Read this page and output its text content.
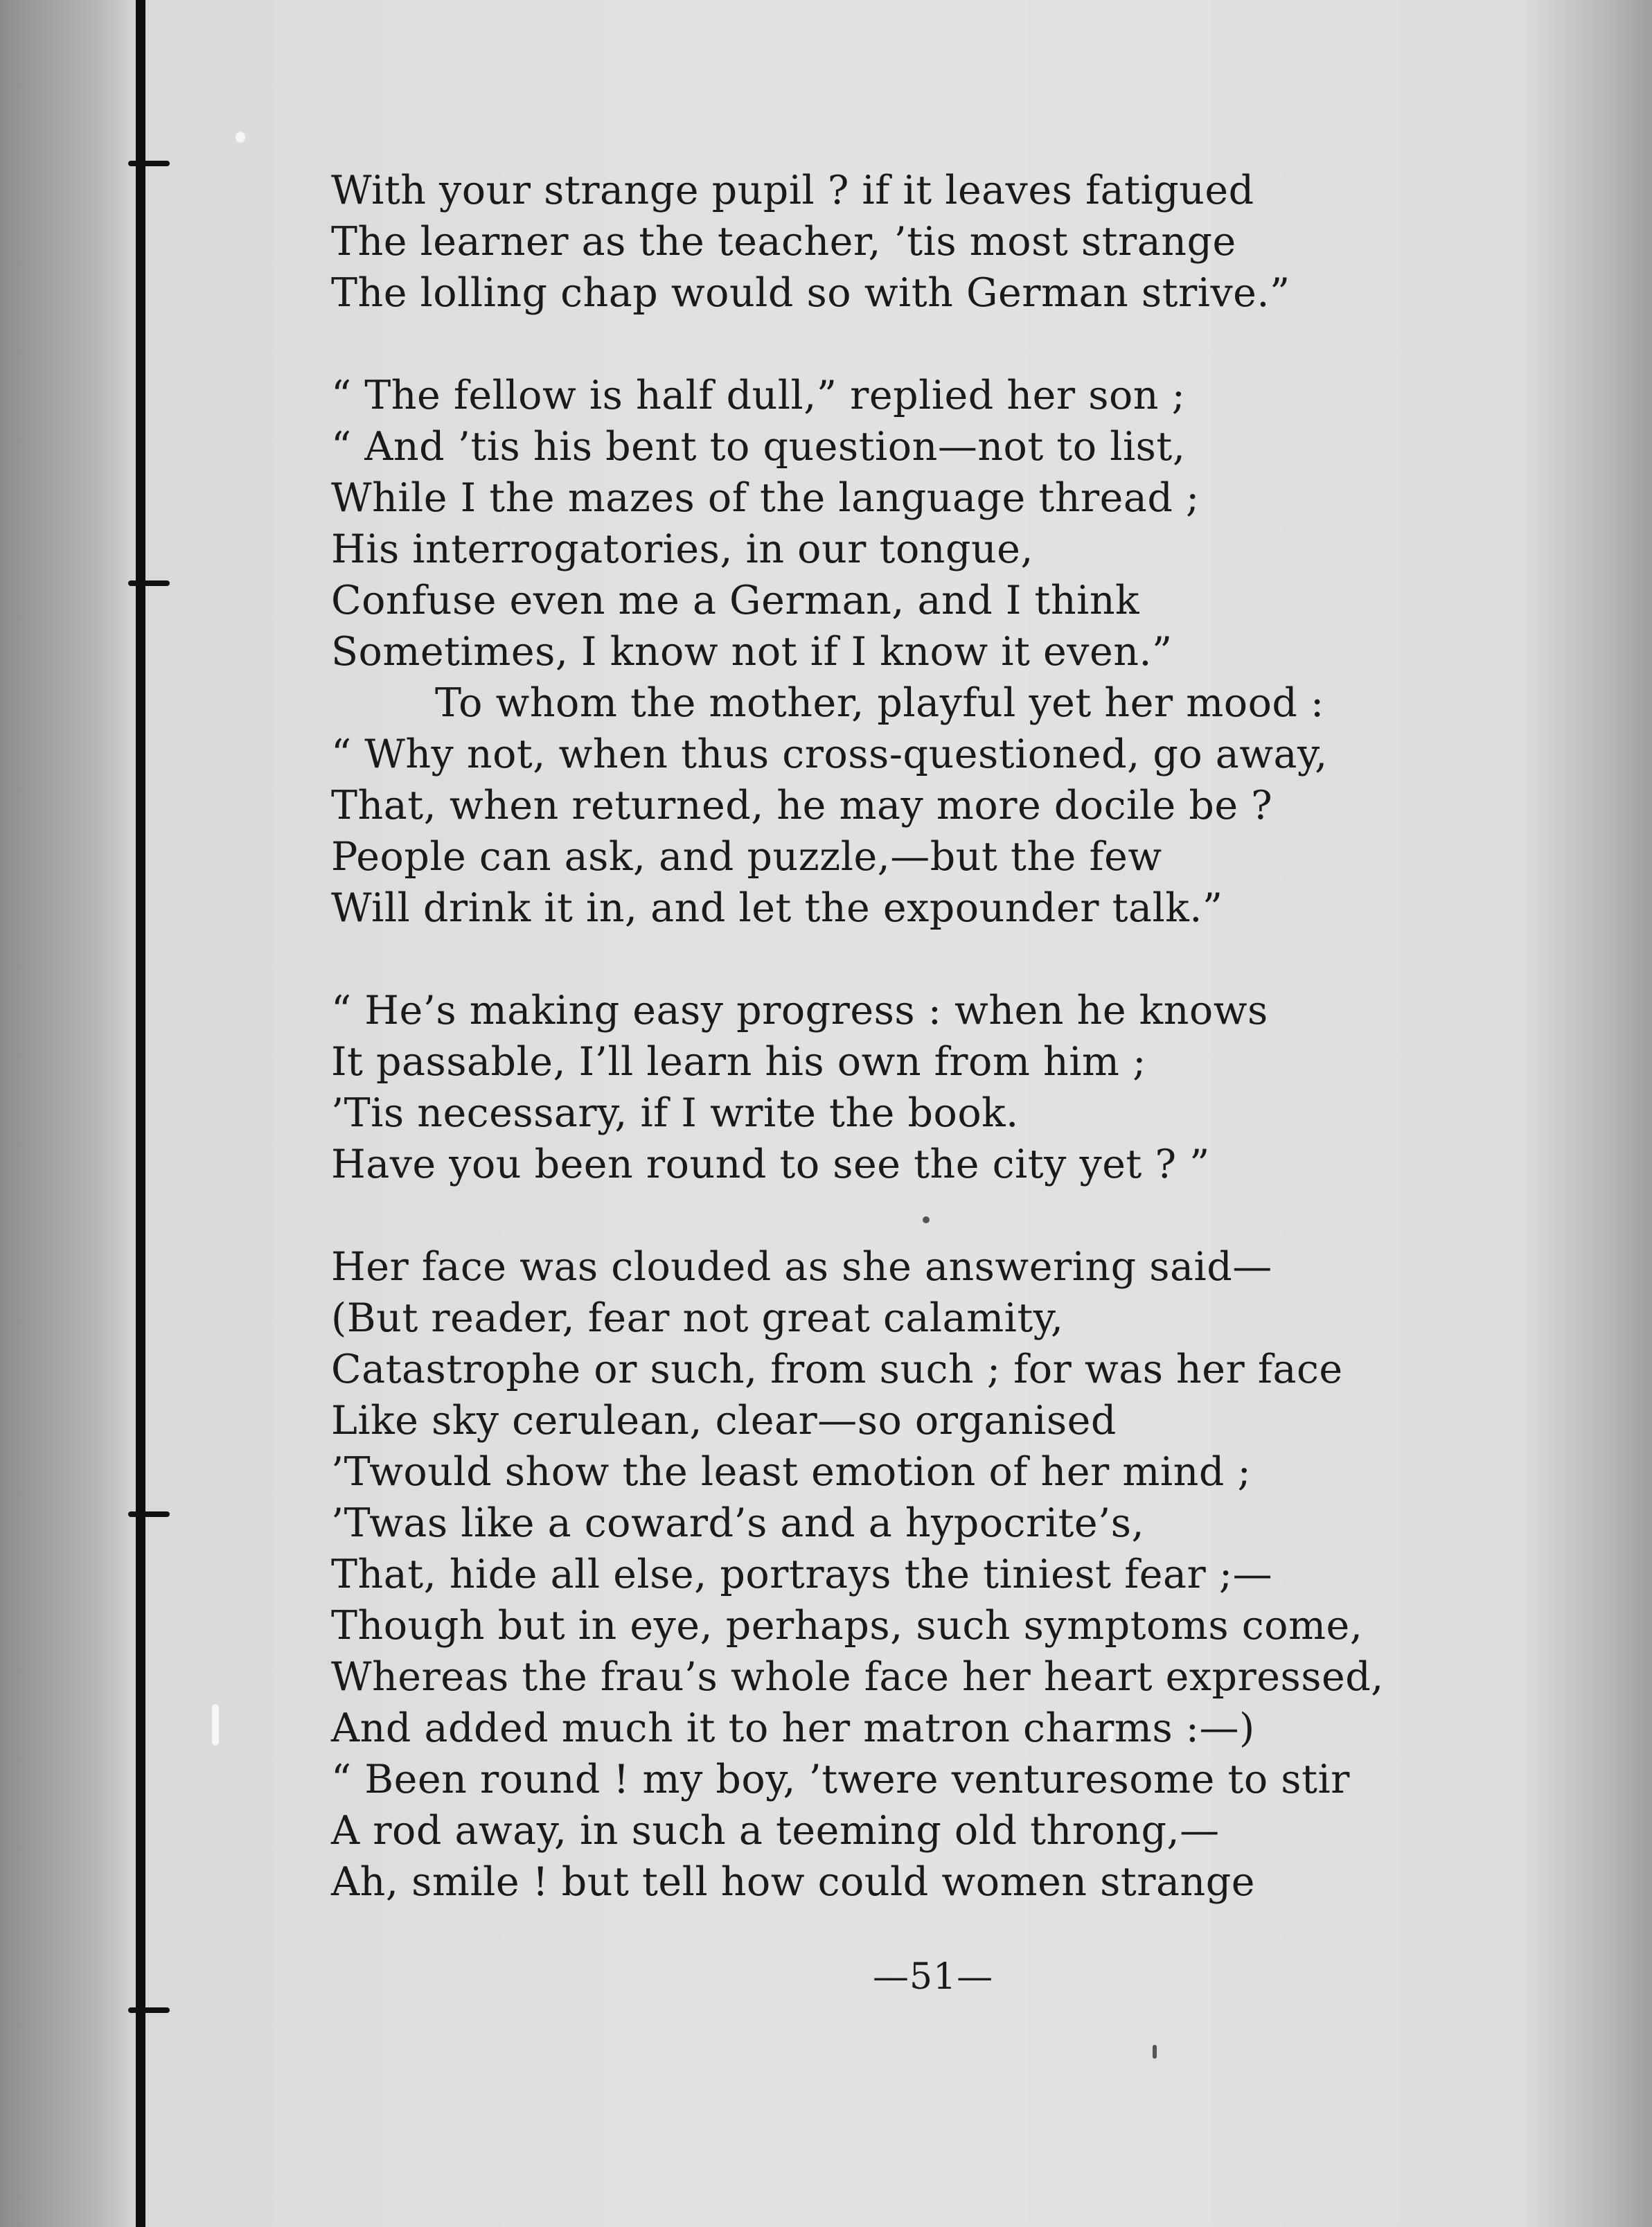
With your strange pupil ? if it leaves fatigued

The learner as the teacher, ’tis most strange

The lolling chap would so with German strive.”

“ The fellow is half dull,” replied her son ;

“ And ’tis his bent to question—not to list,

While I the mazes of the language thread ;

His interrogatories, in our tongue,

Confuse even me a German, and I think

Sometimes, I know not if I know it even.”

To whom the mother, playful yet her mood :

“ Why not, when thus cross-questioned, go away,

That, when returned, he may more docile be ?

People can ask, and puzzle,—but the few

Will drink it in, and let the expounder talk.”

“ He’s making easy progress : when he knows

It passable, I’ll learn his own from him ;

’Tis necessary, if I write the book.

Have you been round to see the city yet ? ”

Her face was clouded as she answering said—

(But reader, fear not great calamity,

Catastrophe or such, from such ; for was her face

Like sky cerulean, clear—so organised

’Twould show the least emotion of her mind ;

’Twas like a coward’s and a hypocrite’s,

That, hide all else, portrays the tiniest fear ;—

Though but in eye, perhaps, such symptoms come,

Whereas the frau’s whole face her heart expressed,

And added much it to her matron charms :—)

“ Been round ! my boy, ’twere venturesome to stir

A rod away, in such a teeming old throng,—

Ah, smile ! but tell how could women strange

—51—
